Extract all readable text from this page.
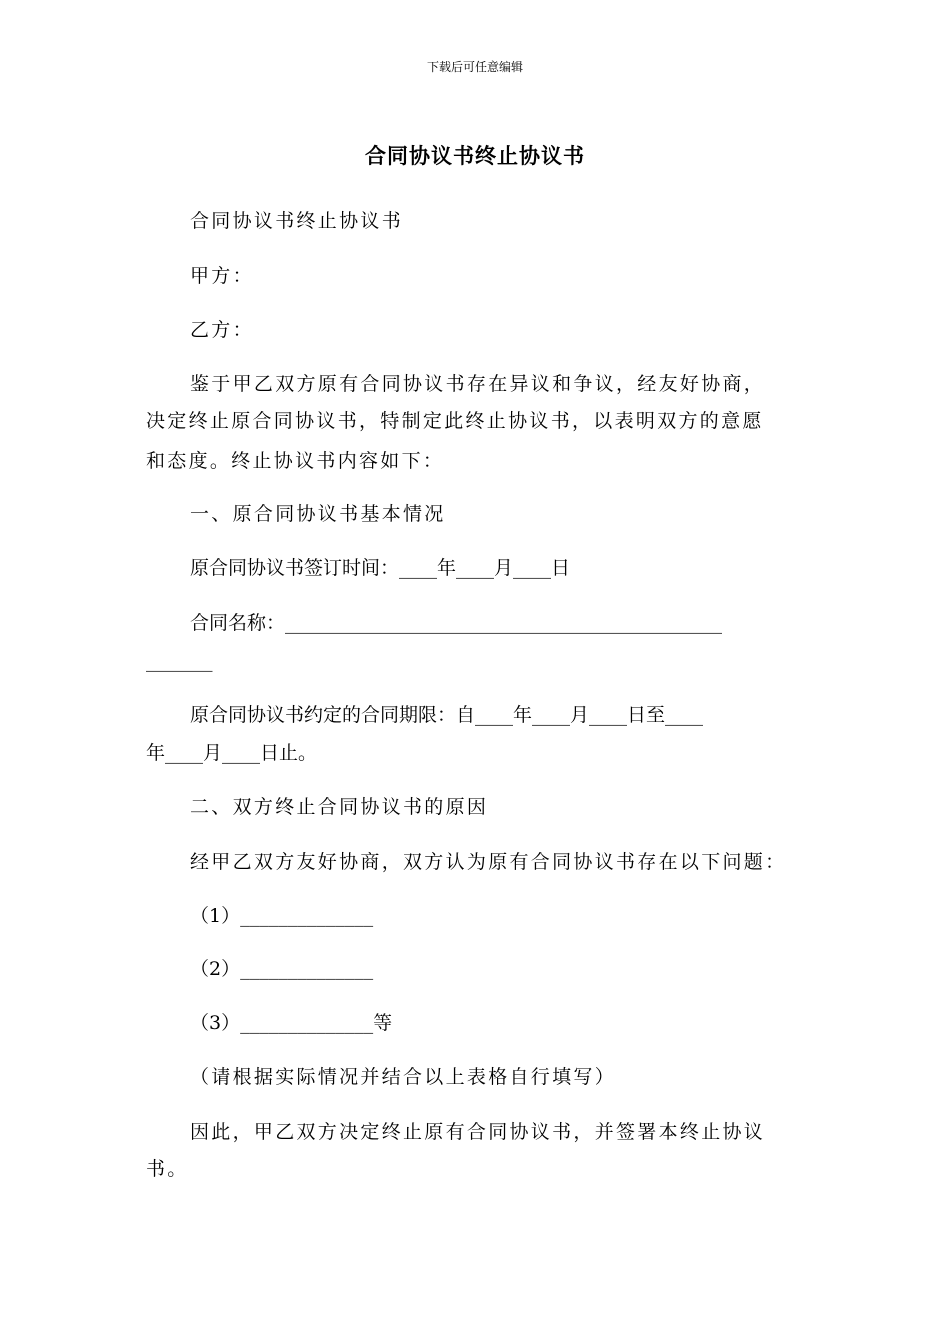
下载后可任意编辑
合同协议书终止协议书
合同协议书终止协议书
甲方：
乙方：
鉴于甲乙双方原有合同协议书存在异议和争议，经友好协商，
决定终止原合同协议书，特制定此终止协议书，以表明双方的意愿
和态度。终止协议书内容如下：
一、原合同协议书基本情况
原合同协议书签订时间：____年____月____日
合同名称：______________________________________________
_______
原合同协议书约定的合同期限：自____年____月____日至____
年____月____日止。
二、双方终止合同协议书的原因
经甲乙双方友好协商，双方认为原有合同协议书存在以下问题：
（1）______________
（2）______________
（3）______________等
（请根据实际情况并结合以上表格自行填写）
因此，甲乙双方决定终止原有合同协议书，并签署本终止协议
书。
